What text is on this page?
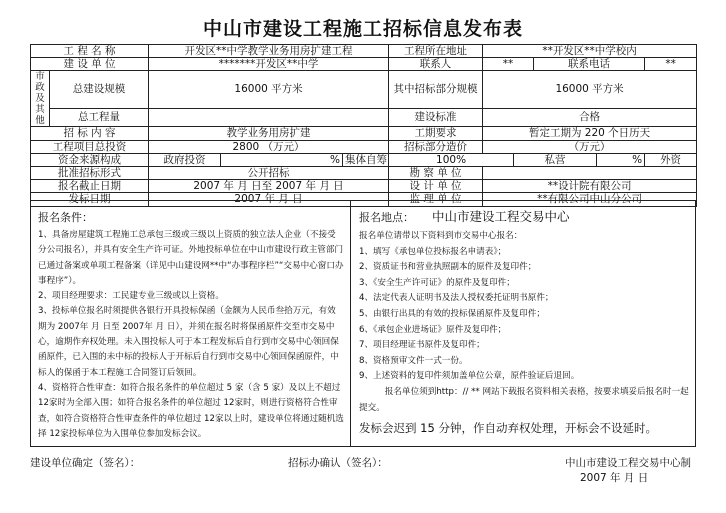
中山市建设工程施工招标信息发布表
工 程 名 称		开发区**中学教学业务用房扩建工程			工程所在地址	**开发区**中学校内					
建 设 单 位		*******开发区**中学			联系人	**		联系电话		**	
市政及其他	总建设规模	16000 平方米			其中招标部分规模	16000 平方米					
	总工程量				建设标准	合格					
招 标 内 容		教学业务用房扩建			工期要求	暂定工期为 220 个日历天					
工程项目总投资		2800 （万元）			招标部分造价	（万元）					
资金来源构成		政府投资	%	集体自筹	100%		私营		%	外资	
批准招标形式		公开招标			勘 察 单 位						
报名截止日期		2007 年 月 日至 2007 年 月 日			设 计 单 位	**设计院有限公司					
发标日期		2007 年 月 日			监 理 单 位	**有限公司中山分公司					
报名条件：
1、具备房屋建筑工程施工总承包三级或三级以上资质的独立法人企业（不接受分公司报名），并具有安全生产许可证。外地投标单位在中山市建设行政主管部门已通过备案或单项工程备案（详见中山建设网**中“办事程序栏”“交易中心窗口办事程序”）。
2、项目经理要求：工民建专业三级或以上资格。
3、投标单位报名时须提供各银行开具投标保函（金额为人民币叁拾万元，有效期为 2007年 月 日至 2007年 月 日），并须在报名时将保函原件交至市交易中心，逾期作弃权处理。未入围投标人可于本工程发标后自行到市交易中心领回保函原件，已入围的未中标的投标人于开标后自行到市交易中心领回保函原件，中标人的保函于本工程施工合同签订后领回。
4、资格符合性审查：如符合报名条件的单位超过 5 家（含 5 家）及以上不超过 12家时为全部入围；如符合报名条件的单位超过 12家时，则进行资格符合性审查，如符合资格符合性审查条件的单位超过 12家以上时，建设单位将通过随机选择 12家投标单位为入围单位参加发标会议。
报名地点： 中山市建设工程交易中心
报名单位请带以下资料到市交易中心报名：
1、填写《承包单位投标报名申请表》；
2、资质证书和营业执照副本的原件及复印件；
3、《安全生产许可证》的原件及复印件；
4、法定代表人证明书及法人授权委托证明书原件；
5、由银行出具的有效的投标保函原件及复印件；
6、《承包企业进场证》原件及复印件；
7、项目经理证书原件及复印件；
8、资格预审文件一式一份。
9、上述资料的复印件须加盖单位公章，原件验证后退回。
报名单位须到http：// ** 网站下载报名资料相关表格，按要求填妥后报名时一起提交。
发标会迟到 15 分钟，作自动弃权处理，开标会不设延时。
建设单位确定（签名）：	招标办确认（签名）：	中山市建设工程交易中心制
2007 年 月 日
